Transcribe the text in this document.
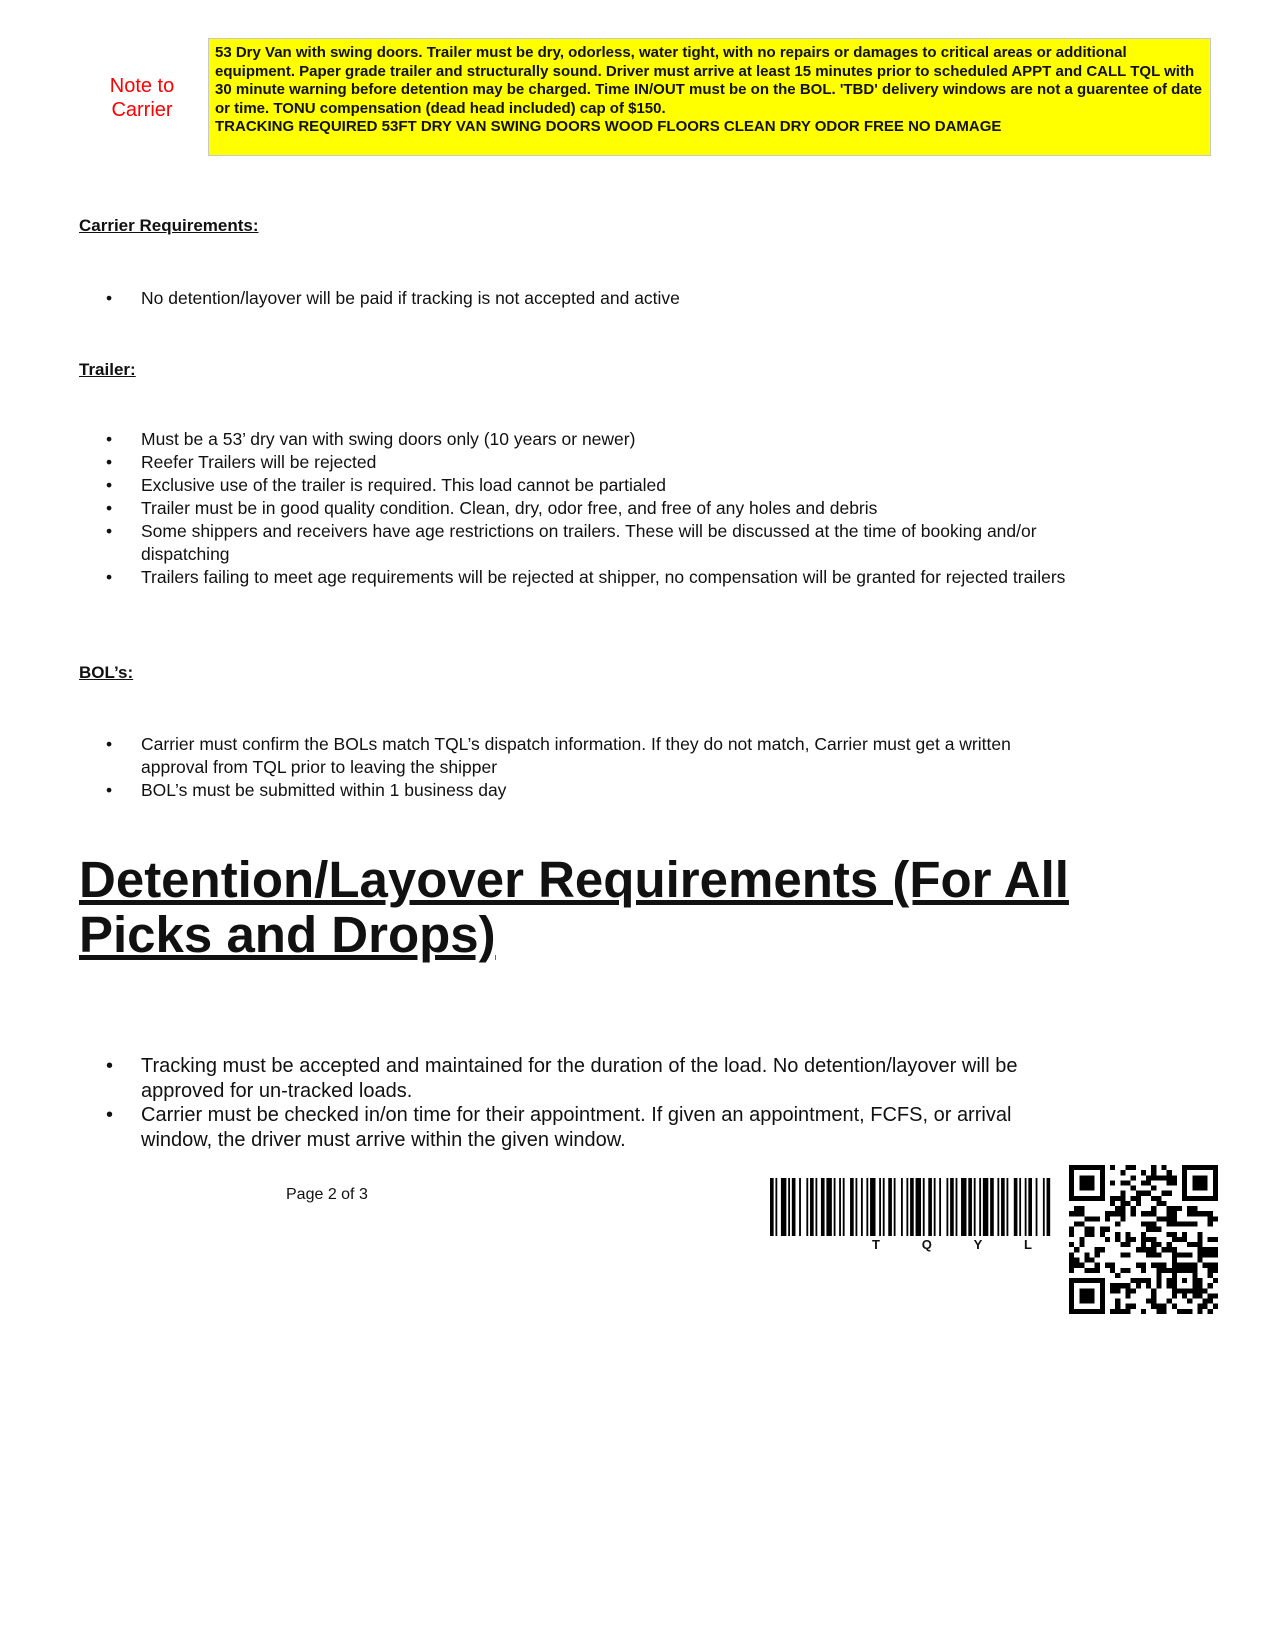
Note to Carrier

53 Dry Van with swing doors. Trailer must be dry, odorless, water tight, with no repairs or damages to critical areas or additional equipment. Paper grade trailer and structurally sound. Driver must arrive at least 15 minutes prior to scheduled APPT and CALL TQL with 30 minute warning before detention may be charged. Time IN/OUT must be on the BOL. 'TBD' delivery windows are not a guarentee of date or time. TONU compensation (dead head included) cap of $150.

TRACKING REQUIRED 53FT DRY VAN SWING DOORS WOOD FLOORS CLEAN DRY ODOR FREE NO DAMAGE

Carrier Requirements:
• No detention/layover will be paid if tracking is not accepted and active
Trailer:
• Must be a 53’ dry van with swing doors only (10 years or newer)
• Reefer Trailers will be rejected
• Exclusive use of the trailer is required. This load cannot be partialed
• Trailer must be in good quality condition. Clean, dry, odor free, and free of any holes and debris
• Some shippers and receivers have age restrictions on trailers. These will be discussed at the time of booking and/or dispatching
• Trailers failing to meet age requirements will be rejected at shipper, no compensation will be granted for rejected trailers
BOL’s:
• Carrier must confirm the BOLs match TQL’s dispatch information. If they do not match, Carrier must get a written approval from TQL prior to leaving the shipper
• BOL’s must be submitted within 1 business day
Detention/Layover Requirements (For All Picks and Drops)
• Tracking must be accepted and maintained for the duration of the load. No detention/layover will be approved for un-tracked loads.
• Carrier must be checked in/on time for their appointment. If given an appointment, FCFS, or arrival window, the driver must arrive within the given window.
Page 2 of 3
T	Q	Y	L
